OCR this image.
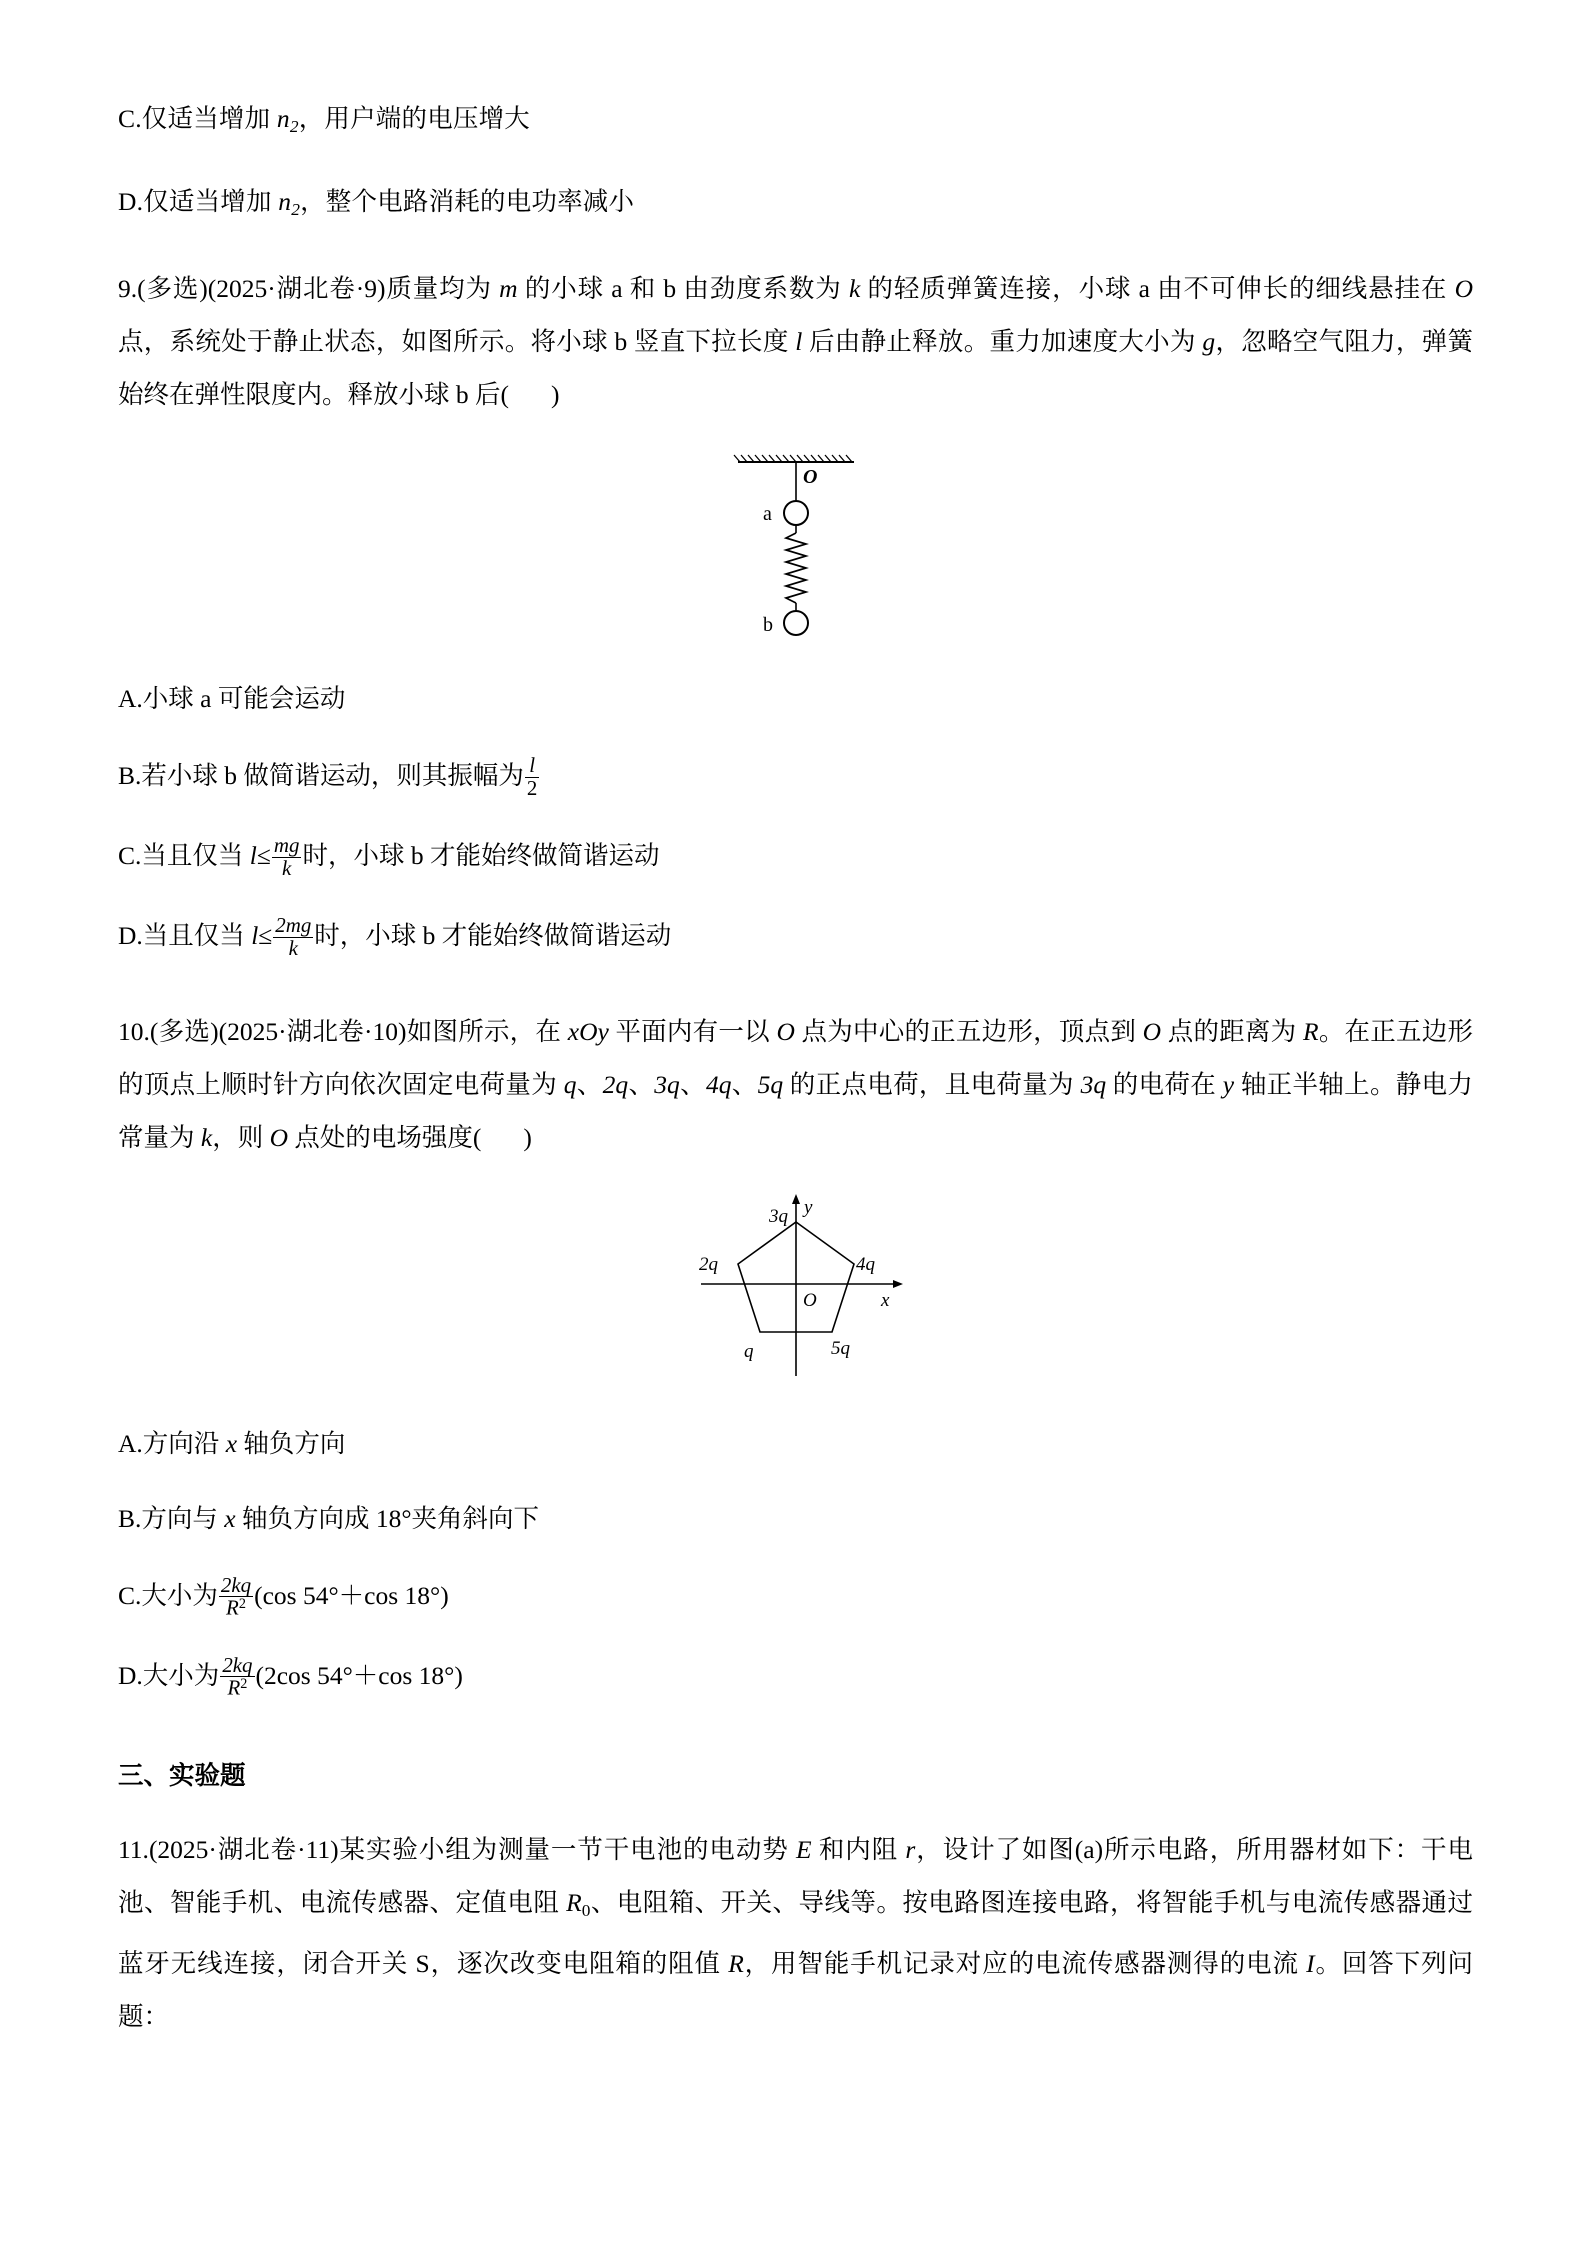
C.仅适当增加 $n_2$，用户端的电压增大
D.仅适当增加 $n_2$，整个电路消耗的电功率减小
9.(多选)(2025·湖北卷·9)质量均为 m 的小球 a 和 b 由劲度系数为 k 的轻质弹簧连接，小球 a 由不可伸长的细线悬挂在 O 点，系统处于静止状态，如图所示。将小球 b 竖直下拉长度 l 后由静止释放。重力加速度大小为 g，忽略空气阻力，弹簧始终在弹性限度内。释放小球 b 后( )
O
a
b
A.小球 a 可能会运动
B.若小球 b 做简谐运动，则其振幅为 $\frac{l}{2}$
C.当且仅当 $l\le \frac{mg}{k}$ 时，小球 b 才能始终做简谐运动
D.当且仅当 $l\le \frac{2mg}{k}$ 时，小球 b 才能始终做简谐运动
10.(多选)(2025·湖北卷·10)如图所示，在 xOy 平面内有一以 O 点为中心的正五边形，顶点到 O 点的距离为 R。在正五边形的顶点上顺时针方向依次固定电荷量为 q、2q、3q、4q、5q 的正点电荷，且电荷量为 3q 的电荷在 y 轴正半轴上。静电力常量为 k，则 O 点处的电场强度( )
3q
2q	4q
q	5q
O	x
y
A.方向沿 x 轴负方向
B.方向与 x 轴负方向成 18°夹角斜向下
C.大小为 $\frac{2kq}{R^2} (\cos$ 54°＋cos 18°)
D.大小为 $\frac{2kq}{R^2} (2\cos$ 54°＋cos 18°)
三、实验题
11.(2025·湖北卷·11)某实验小组为测量一节干电池的电动势 E 和内阻 r，设计了如图(a)所示电路，所用器材如下：干电池、智能手机、电流传感器、定值电阻 $R_0$、电阻箱、开关、导线等。按电路图连接电路，将智能手机与电流传感器通过蓝牙无线连接，闭合开关 S，逐次改变电阻箱的阻值 R，用智能手机记录对应的电流传感器测得的电流 I。回答下列问题：
